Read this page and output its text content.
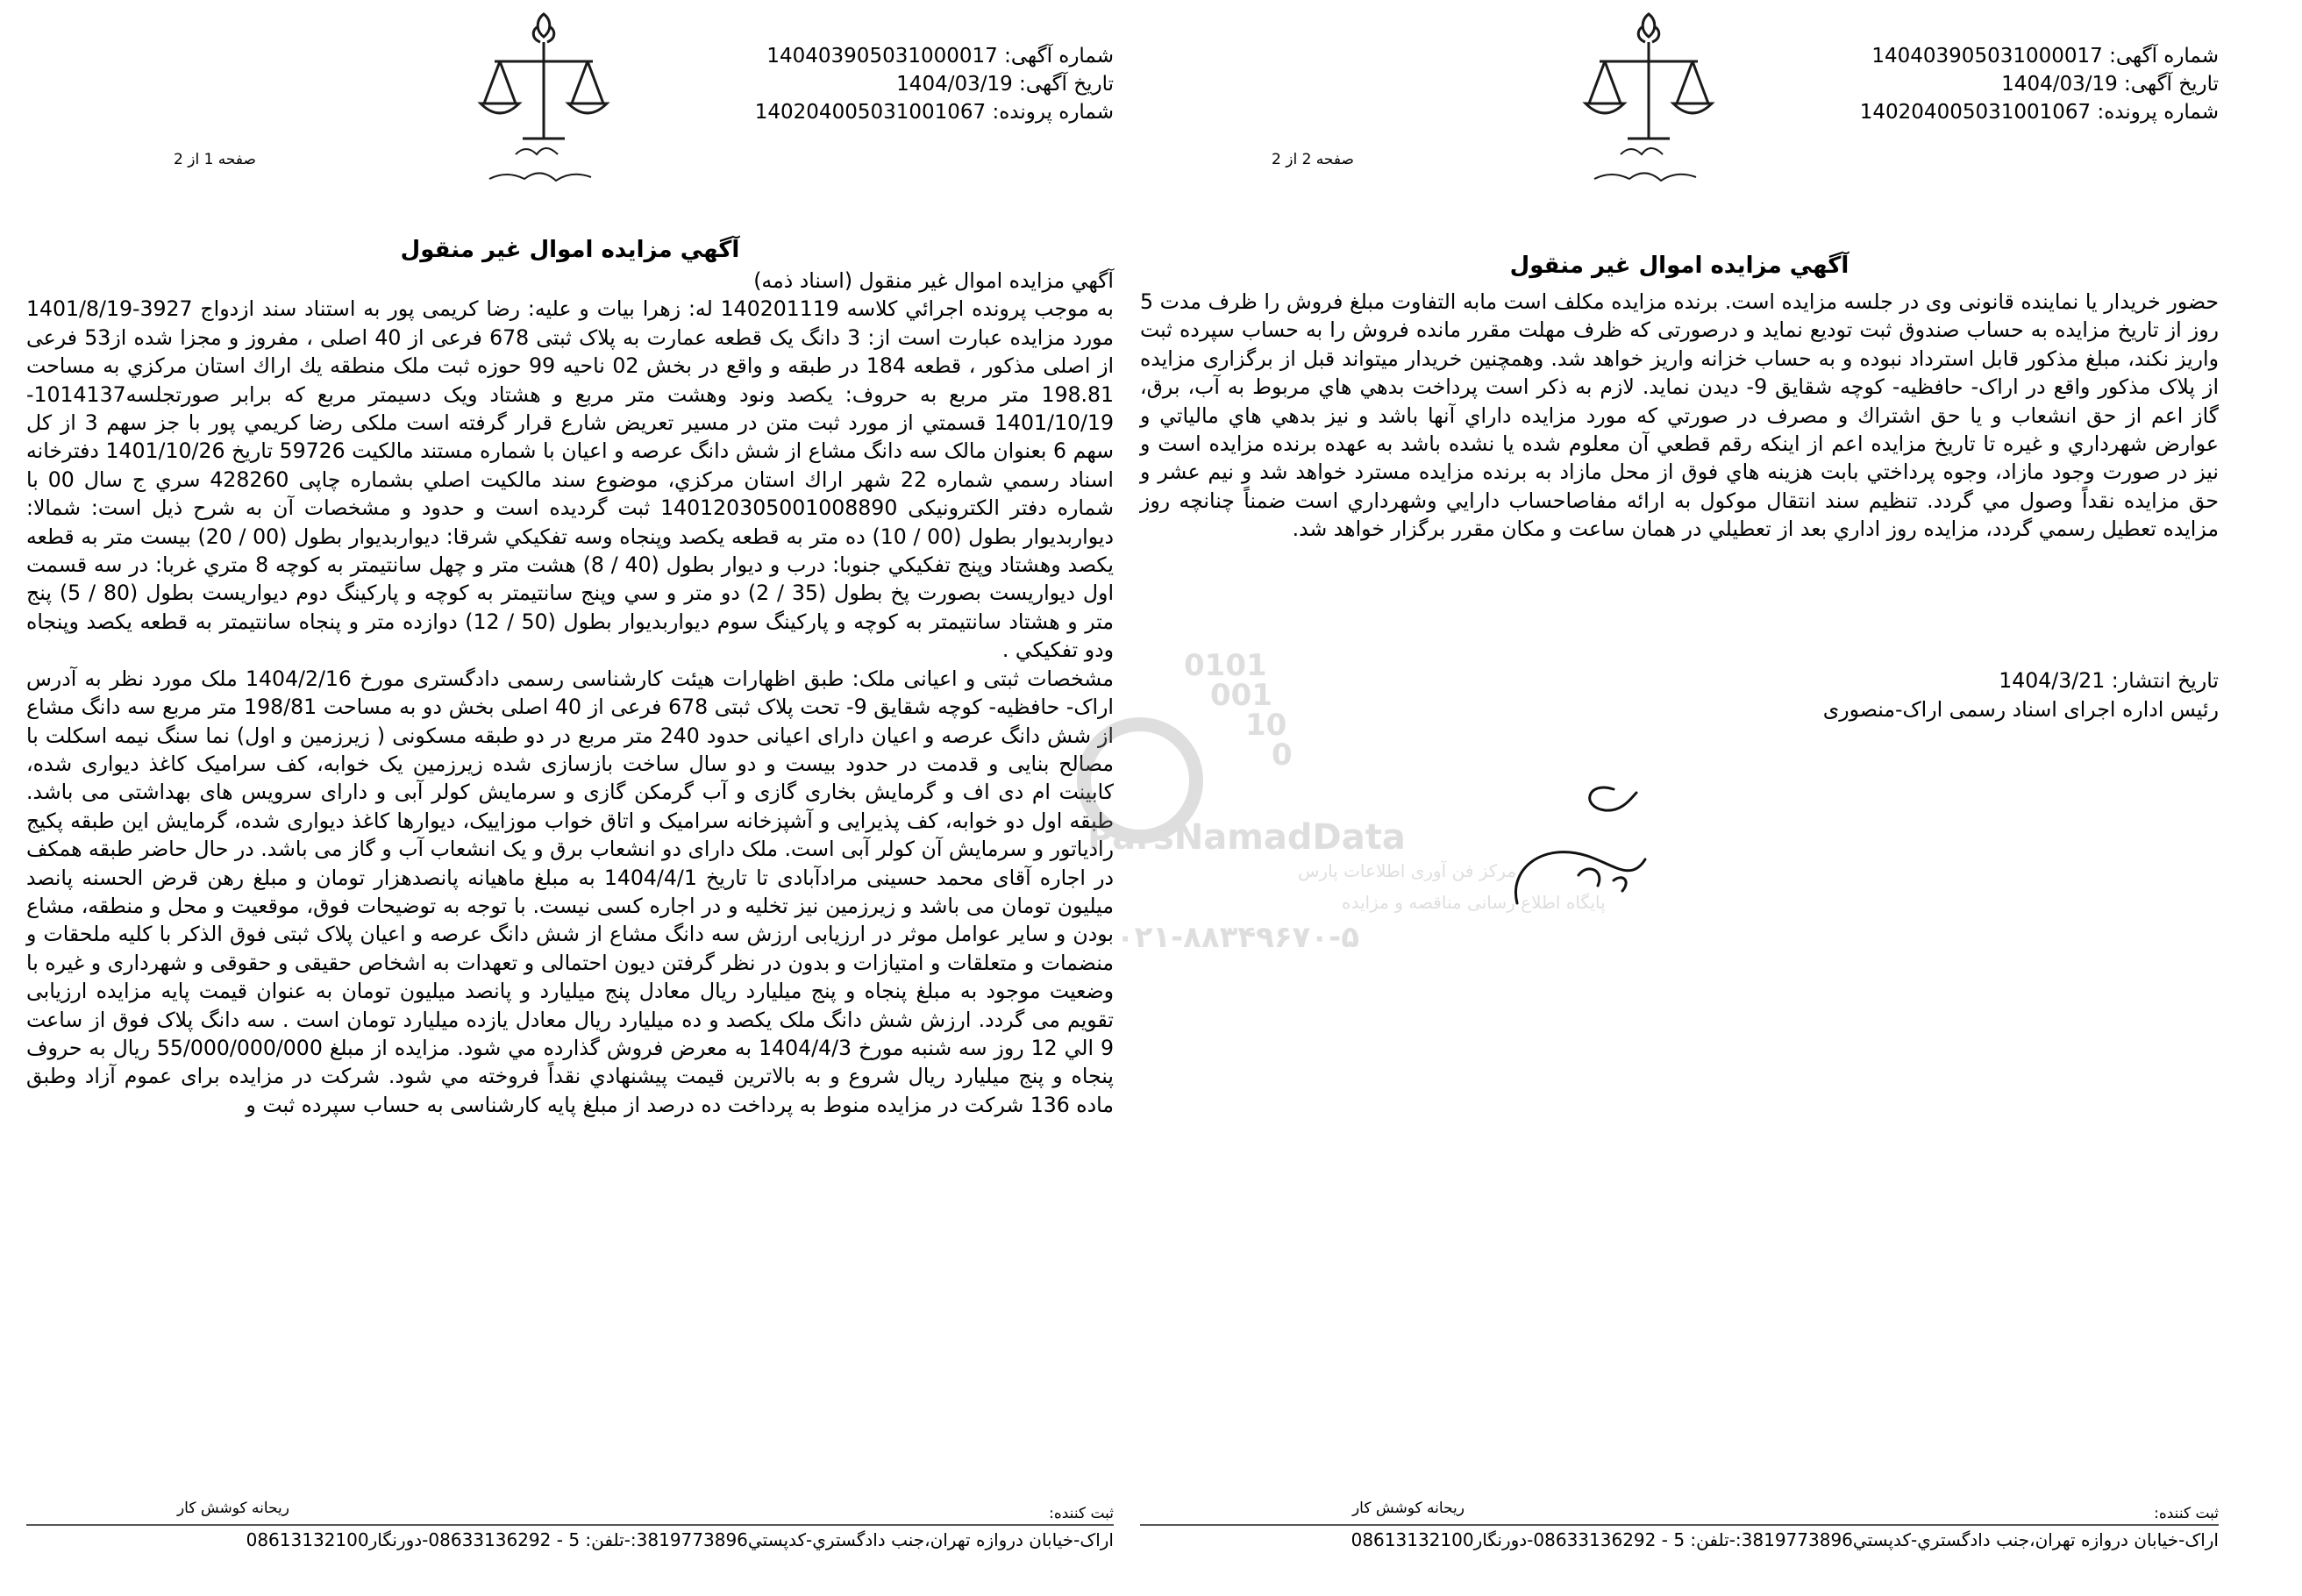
شماره آگهی: 140403905031000017
تاریخ آگهی: 1404/03/19
شماره پرونده: 140204005031001067
صفحه 1 از 2
آگهي مزايده اموال غير منقول

آگهي مزايده اموال غير منقول (اسناد ذمه)

به موجب پرونده اجرائي كلاسه 140201119 له: زهرا بيات و عليه: رضا كريمی پور به استناد سند ازدواج 3927-1401/8/19 مورد مزايده عبارت است از: 3 دانگ يک قطعه عمارت به پلاک ثبتی 678 فرعی از 40 اصلی ، مفروز و مجزا شده از53 فرعی از اصلی مذكور ، قطعه 184 در طبقه و واقع در بخش 02 ناحيه 99 حوزه ثبت ملک منطقه يك اراك استان مركزي به مساحت 198.81 متر مربع به حروف: يكصد ونود وهشت متر مربع و هشتاد ويک دسيمتر مربع كه برابر صورتجلسه1014137-1401/10/19 قسمتي از مورد ثبت متن در مسير تعريض شارع قرار گرفته است ملكی رضا كريمي پور با جز سهم 3 از كل سهم 6 بعنوان مالک سه دانگ مشاع از شش دانگ عرصه و اعيان با شماره مستند مالكيت 59726 تاريخ 1401/10/26 دفترخانه اسناد رسمي شماره 22 شهر اراك استان مركزي، موضوع سند مالكيت اصلي بشماره چاپی 428260 سري ج سال 00 با شماره دفتر الكترونيكی 140120305001008890 ثبت گرديده است و حدود و مشخصات آن به شرح ذيل است: شمالا: ديواربديوار بطول (00 / 10) ده متر به قطعه يكصد وپنجاه وسه تفكيكي شرقا: ديواربديوار بطول (00 / 20) بيست متر به قطعه يكصد وهشتاد وپنج تفكيكي جنوبا: درب و ديوار بطول (40 / 8) هشت متر و چهل سانتيمتر به كوچه 8 متري غربا: در سه قسمت اول ديواريست بصورت پخ بطول (35 / 2) دو متر و سي وپنج سانتيمتر به كوچه و پاركينگ دوم ديواريست بطول (80 / 5) پنج متر و هشتاد سانتيمتر به كوچه و پاركينگ سوم ديواربديوار بطول (50 / 12) دوازده متر و پنجاه سانتيمتر به قطعه يكصد وپنجاه ودو تفكيكي .

مشخصات ثبتی و اعيانی ملک: طبق اظهارات هيئت كارشناسی رسمی دادگستری مورخ 1404/2/16 ملک مورد نظر به آدرس اراک- حافظيه- كوچه شقايق 9- تحت پلاک ثبتی 678 فرعی از 40 اصلی بخش دو به مساحت 198/81 متر مربع سه دانگ مشاع از شش دانگ عرصه و اعيان دارای اعيانی حدود 240 متر مربع در دو طبقه مسكونی ( زيرزمين و اول) نما سنگ نيمه اسكلت با مصالح بنايی و قدمت در حدود بيست و دو سال ساخت بازسازی شده زيرزمين يک خوابه، كف سراميک كاغذ ديواری شده، كابينت ام دی اف و گرمايش بخاری گازی و آب گرمكن گازی و سرمايش كولر آبی و دارای سرويس های بهداشتی می باشد. طبقه اول دو خوابه، كف پذيرايی و آشپزخانه سراميک و اتاق خواب موزاييک، ديوارها كاغذ ديواری شده، گرمايش اين طبقه پكيج رادياتور و سرمايش آن كولر آبی است. ملک دارای دو انشعاب برق و يک انشعاب آب و گاز می باشد. در حال حاضر طبقه همكف در اجاره آقای محمد حسينی مرادآبادی تا تاريخ 1404/4/1 به مبلغ ماهيانه پانصدهزار تومان و مبلغ رهن قرض الحسنه پانصد ميليون تومان می باشد و زيرزمين نيز تخليه و در اجاره كسی نيست. با توجه به توضيحات فوق، موقعيت و محل و منطقه، مشاع بودن و ساير عوامل موثر در ارزيابی ارزش سه دانگ مشاع از شش دانگ عرصه و اعيان پلاک ثبتی فوق الذكر با كليه ملحقات و منضمات و متعلقات و امتيازات و بدون در نظر گرفتن ديون احتمالی و تعهدات به اشخاص حقيقی و حقوقی و شهرداری و غيره با وضعيت موجود به مبلغ پنجاه و پنج ميليارد ريال معادل پنج ميليارد و پانصد ميليون تومان به عنوان قيمت پايه مزايده ارزيابی تقويم می گردد. ارزش شش دانگ ملک يكصد و ده ميليارد ريال معادل يازده ميليارد تومان است . سه دانگ پلاک فوق از ساعت 9 الي 12 روز سه شنبه مورخ 1404/4/3 به معرض فروش گذارده مي شود. مزايده از مبلغ 55/000/000/000 ريال به حروف پنجاه و پنج ميليارد ريال شروع و به بالاترين قيمت پيشنهادي نقداً فروخته مي شود. شركت در مزايده برای عموم آزاد وطبق ماده 136 شركت در مزايده منوط به پرداخت ده درصد از مبلغ پايه كارشناسی به حساب سپرده ثبت و

ثبت كننده:
ريحانه كوشش كار
اراک-خيابان دروازه تهران،جنب دادگستري-كدپستي3819773896:-تلفن: 5 - 08633136292-دورنگار08613132100
شماره آگهی: 140403905031000017
تاریخ آگهی: 1404/03/19
شماره پرونده: 140204005031001067
صفحه 2 از 2
آگهي مزايده اموال غير منقول

حضور خريدار يا نماينده قانونی وی در جلسه مزايده است. برنده مزايده مكلف است مابه التفاوت مبلغ فروش را ظرف مدت 5 روز از تاريخ مزايده به حساب صندوق ثبت توديع نمايد و درصورتی كه ظرف مهلت مقرر مانده فروش را به حساب سپرده ثبت واريز نكند، مبلغ مذكور قابل استرداد نبوده و به حساب خزانه واريز خواهد شد. وهمچنين خريدار ميتواند قبل از برگزاری مزايده از پلاک مذكور واقع در اراک- حافظيه- كوچه شقايق 9- ديدن نمايد. لازم به ذكر است پرداخت بدهي هاي مربوط به آب، برق، گاز اعم از حق انشعاب و يا حق اشتراك و مصرف در صورتي كه مورد مزايده داراي آنها باشد و نيز بدهي هاي مالياتي و عوارض شهرداري و غيره تا تاريخ مزايده اعم از اينكه رقم قطعي آن معلوم شده يا نشده باشد به عهده برنده مزايده است و نيز در صورت وجود مازاد، وجوه پرداختي بابت هزينه هاي فوق از محل مازاد به برنده مزايده مسترد خواهد شد و نيم عشر و حق مزايده نقداً وصول مي گردد. تنظيم سند انتقال موكول به ارائه مفاصاحساب دارايي وشهرداري است ضمناً چنانچه روز مزايده تعطيل رسمي گردد، مزايده روز اداري بعد از تعطيلي در همان ساعت و مكان مقرر برگزار خواهد شد.

تاريخ انتشار: 1404/3/21
رئيس اداره اجرای اسناد رسمی اراک-منصوری
ثبت كننده:
ريحانه كوشش كار
اراک-خيابان دروازه تهران،جنب دادگستري-كدپستي3819773896:-تلفن: 5 - 08633136292-دورنگار08613132100
0101
001
10
0
ParsNamadData
مركز فن آوری اطلاعات پارس
پايگاه اطلاع رسانی مناقصه و مزايده
۰۲۱-۸۸۳۴۹۶۷۰-۵
